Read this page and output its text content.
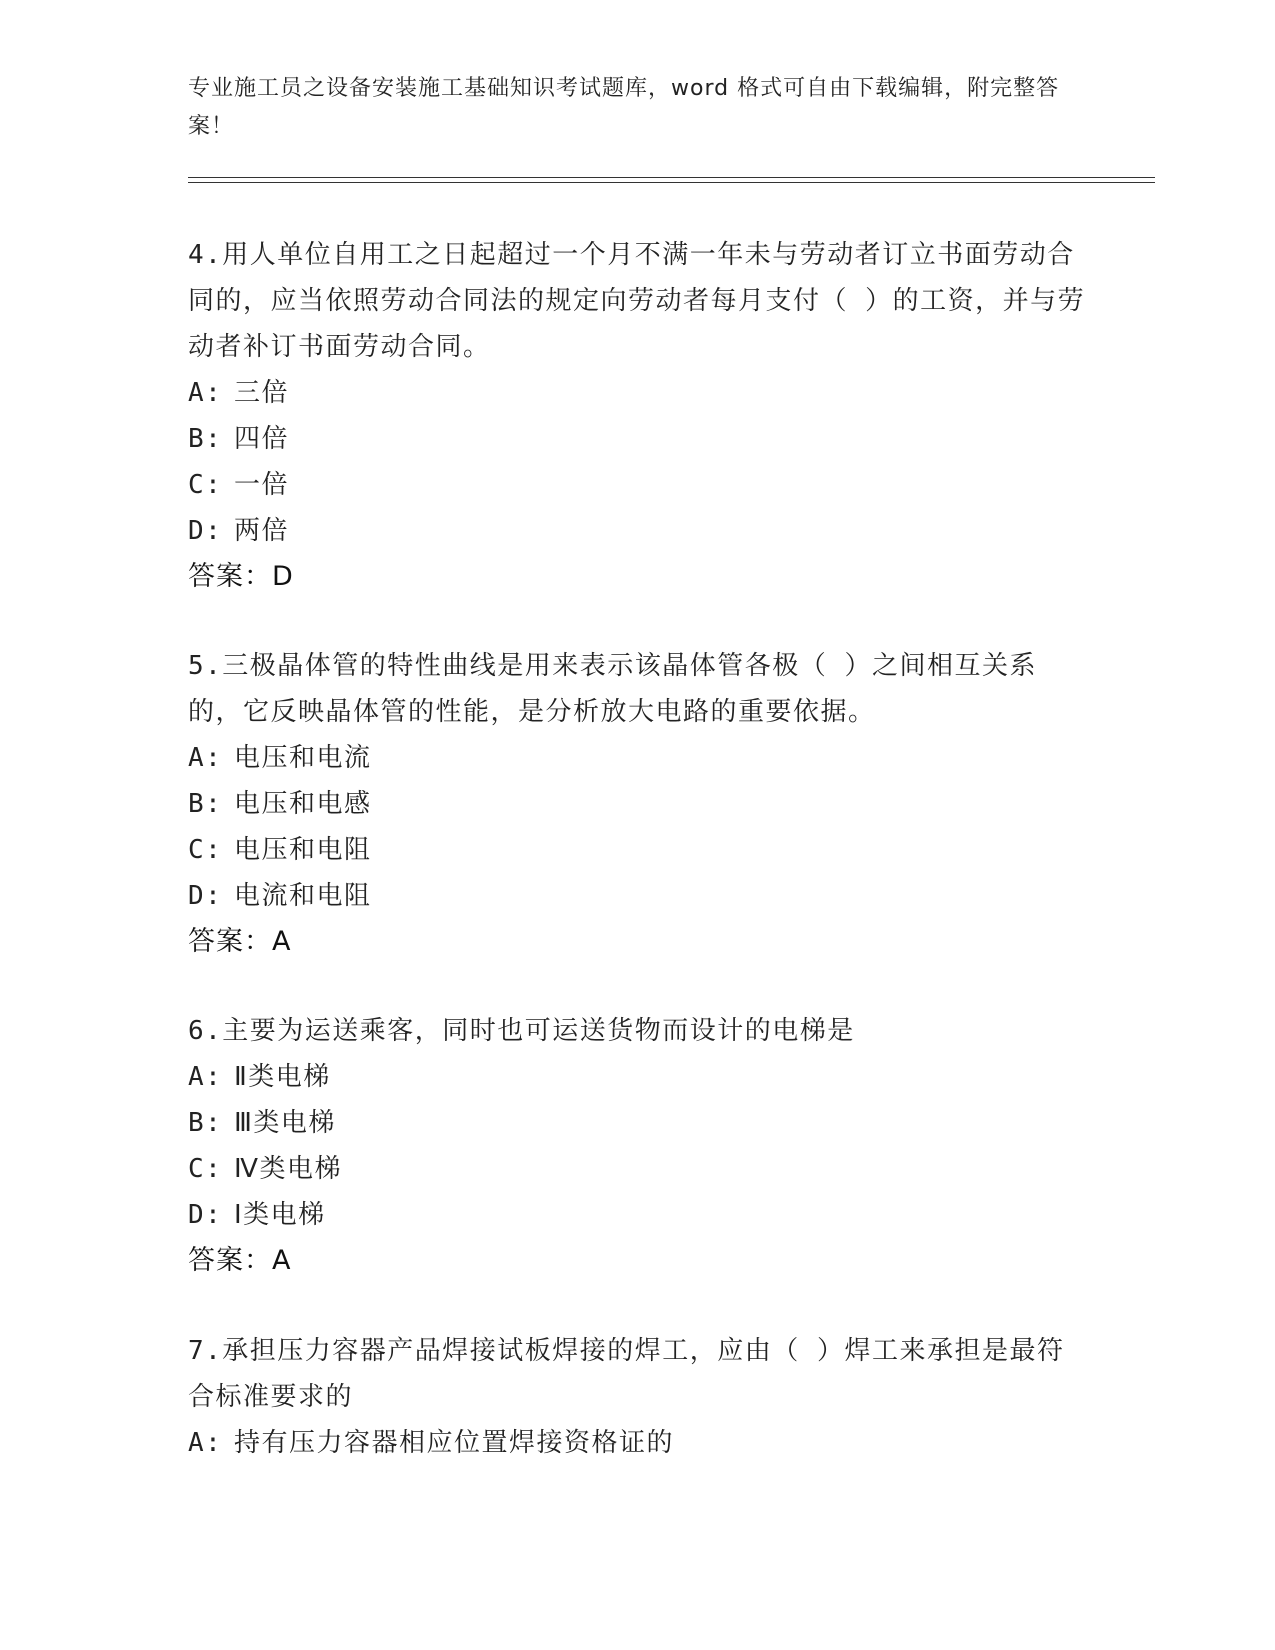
专业施工员之设备安装施工基础知识考试题库，word 格式可自由下载编辑，附完整答案！
4.用人单位自用工之日起超过一个月不满一年未与劳动者订立书面劳动合同的，应当依照劳动合同法的规定向劳动者每月支付（ ）的工资，并与劳动者补订书面劳动合同。
A: 三倍
B: 四倍
C: 一倍
D: 两倍
答案：D
5.三极晶体管的特性曲线是用来表示该晶体管各极（ ）之间相互关系的，它反映晶体管的性能，是分析放大电路的重要依据。
A: 电压和电流
B: 电压和电感
C: 电压和电阻
D: 电流和电阻
答案：A
6.主要为运送乘客，同时也可运送货物而设计的电梯是
A: Ⅱ类电梯
B: Ⅲ类电梯
C: Ⅳ类电梯
D: Ⅰ类电梯
答案：A
7.承担压力容器产品焊接试板焊接的焊工，应由（ ）焊工来承担是最符合标准要求的
A: 持有压力容器相应位置焊接资格证的
